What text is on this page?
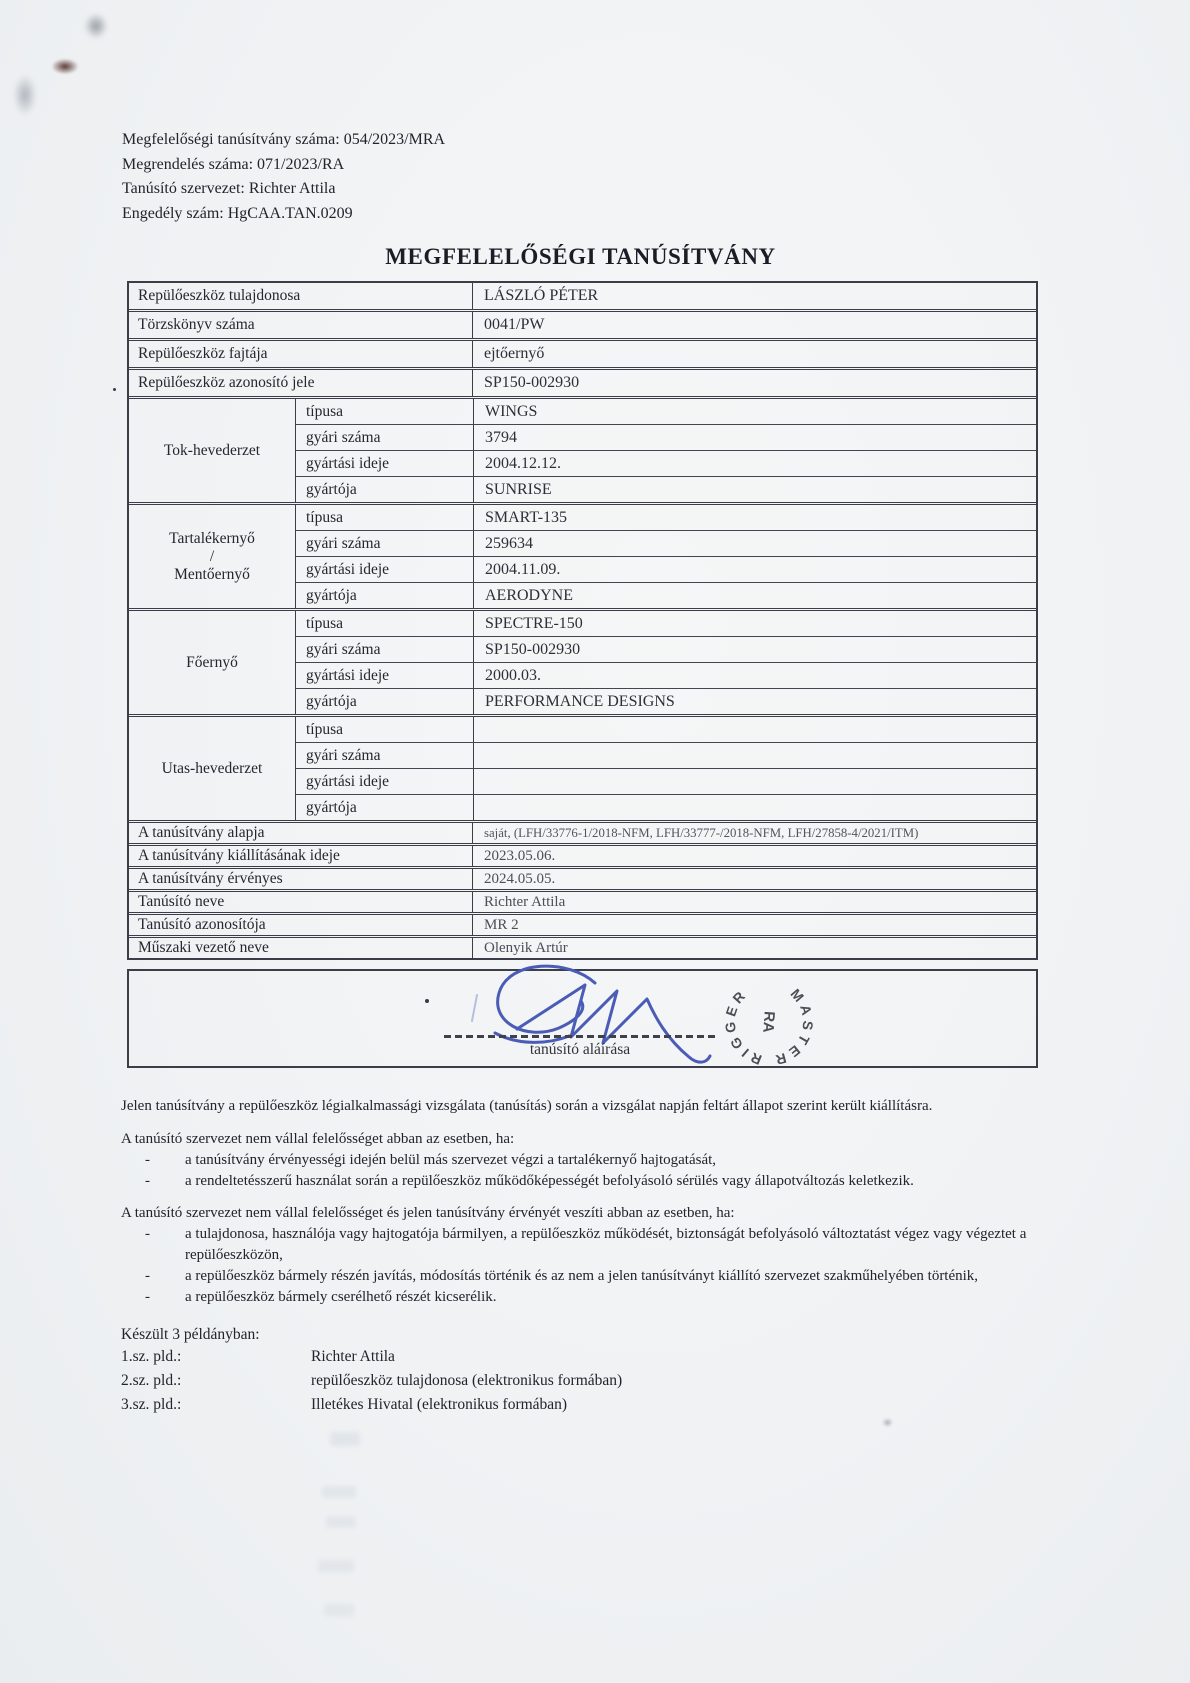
Megfelelőségi tanúsítvány száma: 054/2023/MRA
Megrendelés száma: 071/2023/RA
Tanúsító szervezet: Richter Attila
Engedély szám: HgCAA.TAN.0209
MEGFELELŐSÉGI TANÚSÍTVÁNY
Repülőeszköz tulajdonosa	LÁSZLÓ PÉTER
Törzskönyv száma	0041/PW
Repülőeszköz fajtája	ejtőernyő
Repülőeszköz azonosító jele	SP150-002930
Tok-hevederzet
típusa	WINGS
gyári száma	3794
gyártási ideje	2004.12.12.
gyártója	SUNRISE
Tartalékernyő
/
Mentőernyő
típusa	SMART-135
gyári száma	259634
gyártási ideje	2004.11.09.
gyártója	AERODYNE
Főernyő
típusa	SPECTRE-150
gyári száma	SP150-002930
gyártási ideje	2000.03.
gyártója	PERFORMANCE DESIGNS
Utas-hevederzet
típusa
gyári száma
gyártási ideje
gyártója
A tanúsítvány alapja	saját, (LFH/33776-1/2018-NFM, LFH/33777-/2018-NFM, LFH/27858-4/2021/ITM)
A tanúsítvány kiállításának ideje	2023.05.06.
A tanúsítvány érvényes	2024.05.05.
Tanúsító neve	Richter Attila
Tanúsító azonosítója	MR 2
Műszaki vezető neve	Olenyik Artúr
tanúsító aláírása
MASTER RIGGER
RA

Jelen tanúsítvány a repülőeszköz légialkalmassági vizsgálata (tanúsítás) során a vizsgálat napján feltárt állapot szerint került kiállításra.

A tanúsító szervezet nem vállal felelősséget abban az esetben, ha:

-	a tanúsítvány érvényességi idején belül más szervezet végzi a tartalékernyő hajtogatását,
-	a rendeltetésszerű használat során a repülőeszköz működőképességét befolyásoló sérülés vagy állapotváltozás keletkezik.

A tanúsító szervezet nem vállal felelősséget és jelen tanúsítvány érvényét veszíti abban az esetben, ha:

-	a tulajdonosa, használója vagy hajtogatója bármilyen, a repülőeszköz működését, biztonságát befolyásoló változtatást végez vagy végeztet a repülőeszközön,
-	a repülőeszköz bármely részén javítás, módosítás történik és az nem a jelen tanúsítványt kiállító szervezet szakműhelyében történik,
-	a repülőeszköz bármely cserélhető részét kicserélik.
Készült 3 példányban:
1.sz. pld.:	Richter Attila
2.sz. pld.:	repülőeszköz tulajdonosa (elektronikus formában)
3.sz. pld.:	Illetékes Hivatal (elektronikus formában)
